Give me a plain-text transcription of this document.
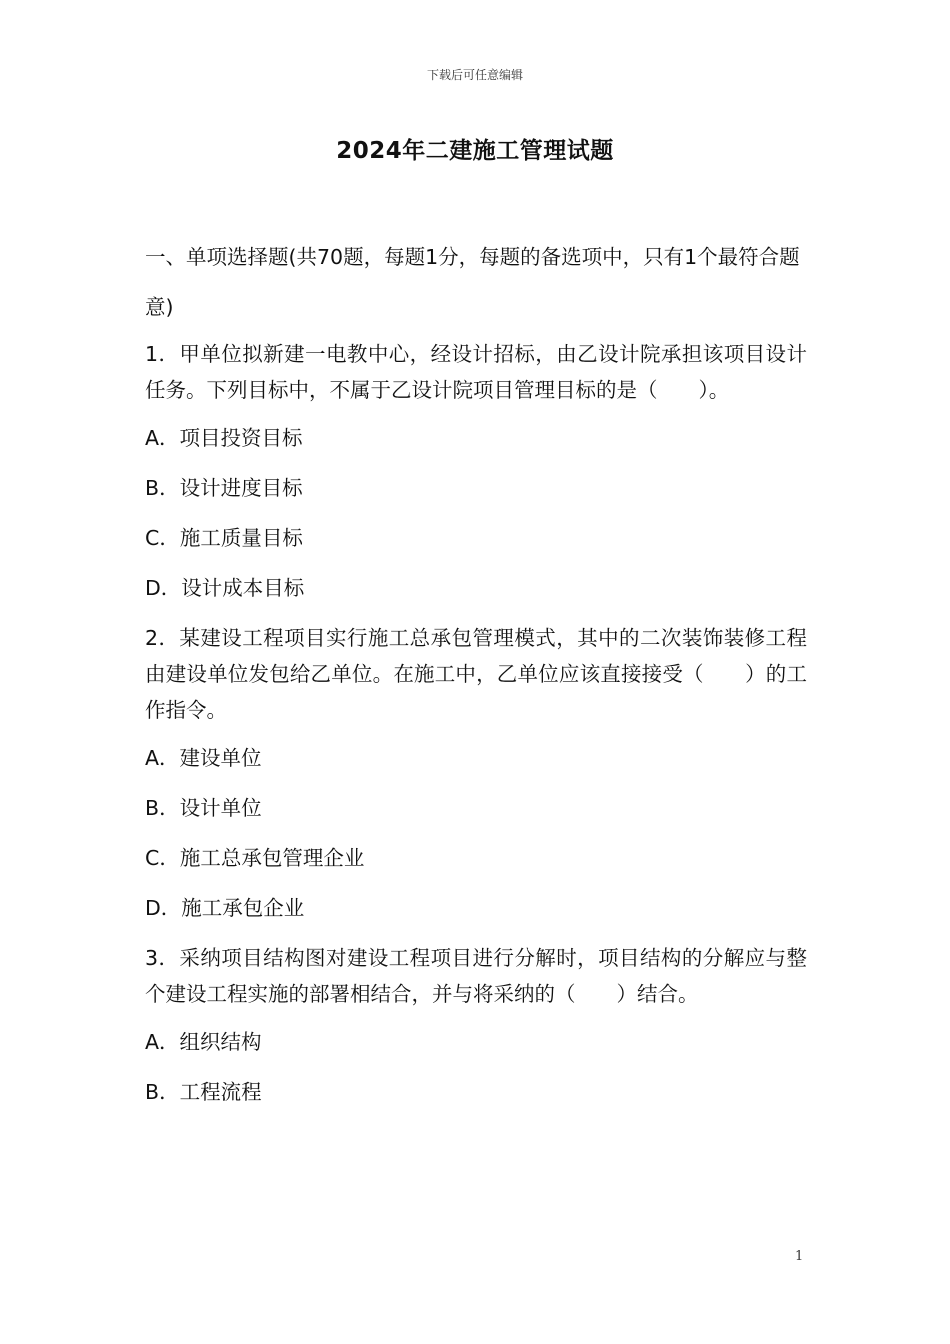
下载后可任意编辑
2024年二建施工管理试题

一、单项选择题(共70题，每题1分，每题的备选项中，只有1个最符合题意)

1．甲单位拟新建一电教中心，经设计招标，由乙设计院承担该项目设计任务。下列目标中，不属于乙设计院项目管理目标的是（　　）。

A．项目投资目标

B．设计进度目标

C．施工质量目标

D．设计成本目标

2．某建设工程项目实行施工总承包管理模式，其中的二次装饰装修工程由建设单位发包给乙单位。在施工中，乙单位应该直接接受（　　）的工作指令。

A．建设单位

B．设计单位

C．施工总承包管理企业

D．施工承包企业

3．采纳项目结构图对建设工程项目进行分解时，项目结构的分解应与整个建设工程实施的部署相结合，并与将采纳的（　　）结合。

A．组织结构

B．工程流程

1
